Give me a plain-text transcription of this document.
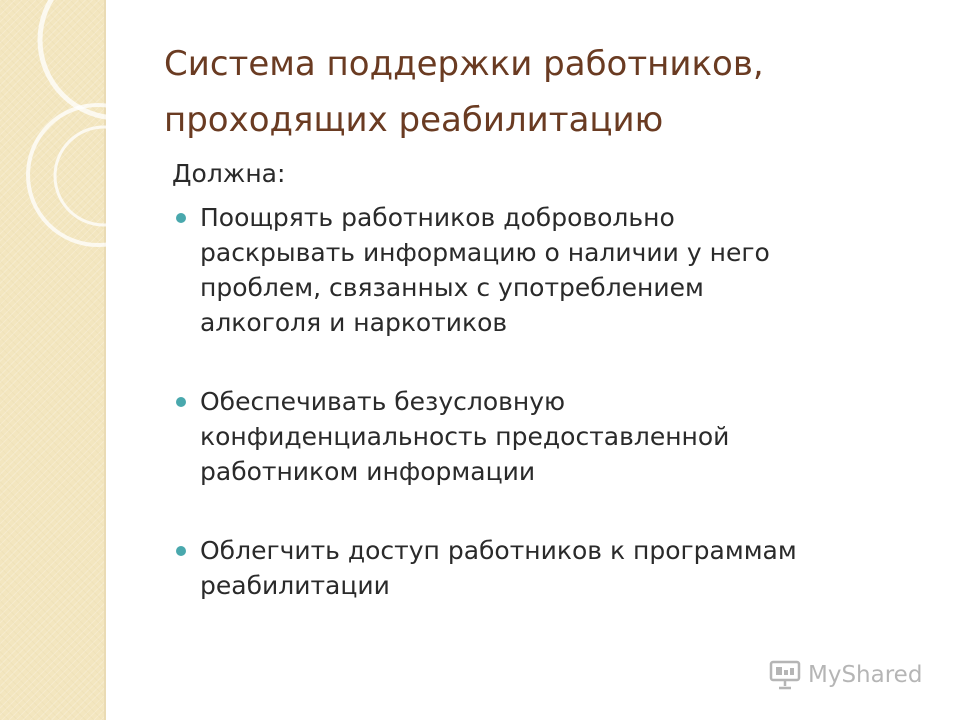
Система поддержки работников,
проходящих реабилитацию
Должна:
Поощрять работников добровольно
раскрывать информацию о наличии у него
проблем, связанных с употреблением
алкоголя и наркотиков
Обеспечивать безусловную
конфиденциальность предоставленной
работником информации
Облегчить доступ работников к программам
реабилитации
MyShared
